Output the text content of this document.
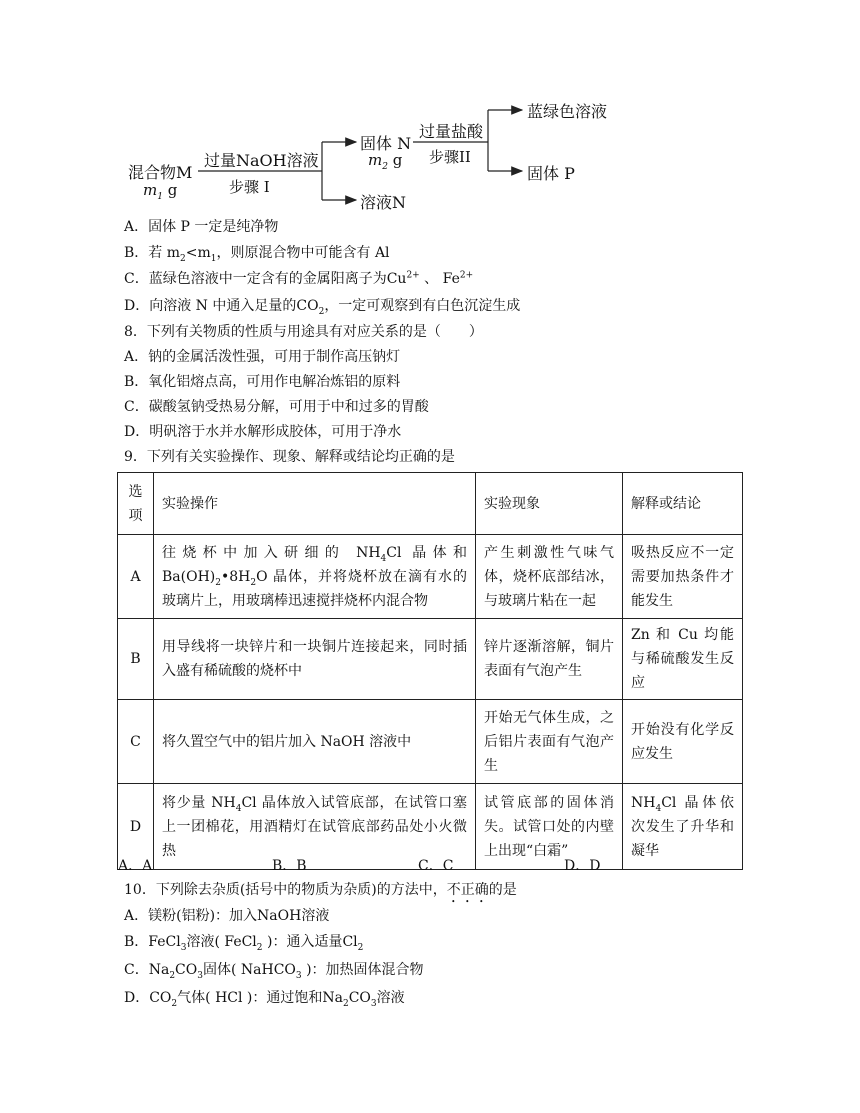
混合物M
$m_1$ g
过量NaOH溶液
步骤 I
固体 N
$m_2$ g
溶液N
过量盐酸
步骤II
蓝绿色溶液
固体 P
A．固体 P 一定是纯净物
B．若 $m_2<m_1$，则原混合物中可能含有 Al
C．蓝绿色溶液中一定含有的金属阳离子为$Cu^{2+}$ 、 $Fe^{2+}$
D．向溶液 N 中通入足量的$CO_2$，一定可观察到有白色沉淀生成
8．下列有关物质的性质与用途具有对应关系的是（　　）
A．钠的金属活泼性强，可用于制作高压钠灯
B．氧化铝熔点高，可用作电解冶炼铝的原料
C．碳酸氢钠受热易分解，可用于中和过多的胃酸
D．明矾溶于水并水解形成胶体，可用于净水
9．下列有关实验操作、现象、解释或结论均正确的是
选项	实验操作	实验现象	解释或结论
A	往烧杯中加入研细的 $NH_4Cl$ 晶体和$Ba(OH)_2•8H_2O$ 晶体，并将烧杯放在滴有水的玻璃片上，用玻璃棒迅速搅拌烧杯内混合物	产生刺激性气味气体，烧杯底部结冰，与玻璃片粘在一起	吸热反应不一定需要加热条件才能发生
B	用导线将一块锌片和一块铜片连接起来，同时插入盛有稀硫酸的烧杯中	锌片逐渐溶解，铜片表面有气泡产生	Zn 和 Cu 均能与稀硫酸发生反应
C	将久置空气中的铝片加入 NaOH 溶液中	开始无气体生成，之后铝片表面有气泡产生	开始没有化学反应发生
D	将少量 $NH_4Cl$ 晶体放入试管底部，在试管口塞上一团棉花，用酒精灯在试管底部药品处小火微热	试管底部的固体消失。试管口处的内壁上出现“白霜”	$NH_4Cl$ 晶体依次发生了升华和凝华
A．A	B．B	C．C	D．D
10．下列除去杂质(括号中的物质为杂质)的方法中，不正确的是
A．镁粉(铝粉)：加入NaOH溶液
B．FeCl$_3$溶液( FeCl$_2$ )：通入适量$Cl_2$
C．$Na_2CO_3$固体( NaHCO$_3$ )：加热固体混合物
D．$CO_2$气体( HCl )：通过饱和$Na_2CO_3$溶液
